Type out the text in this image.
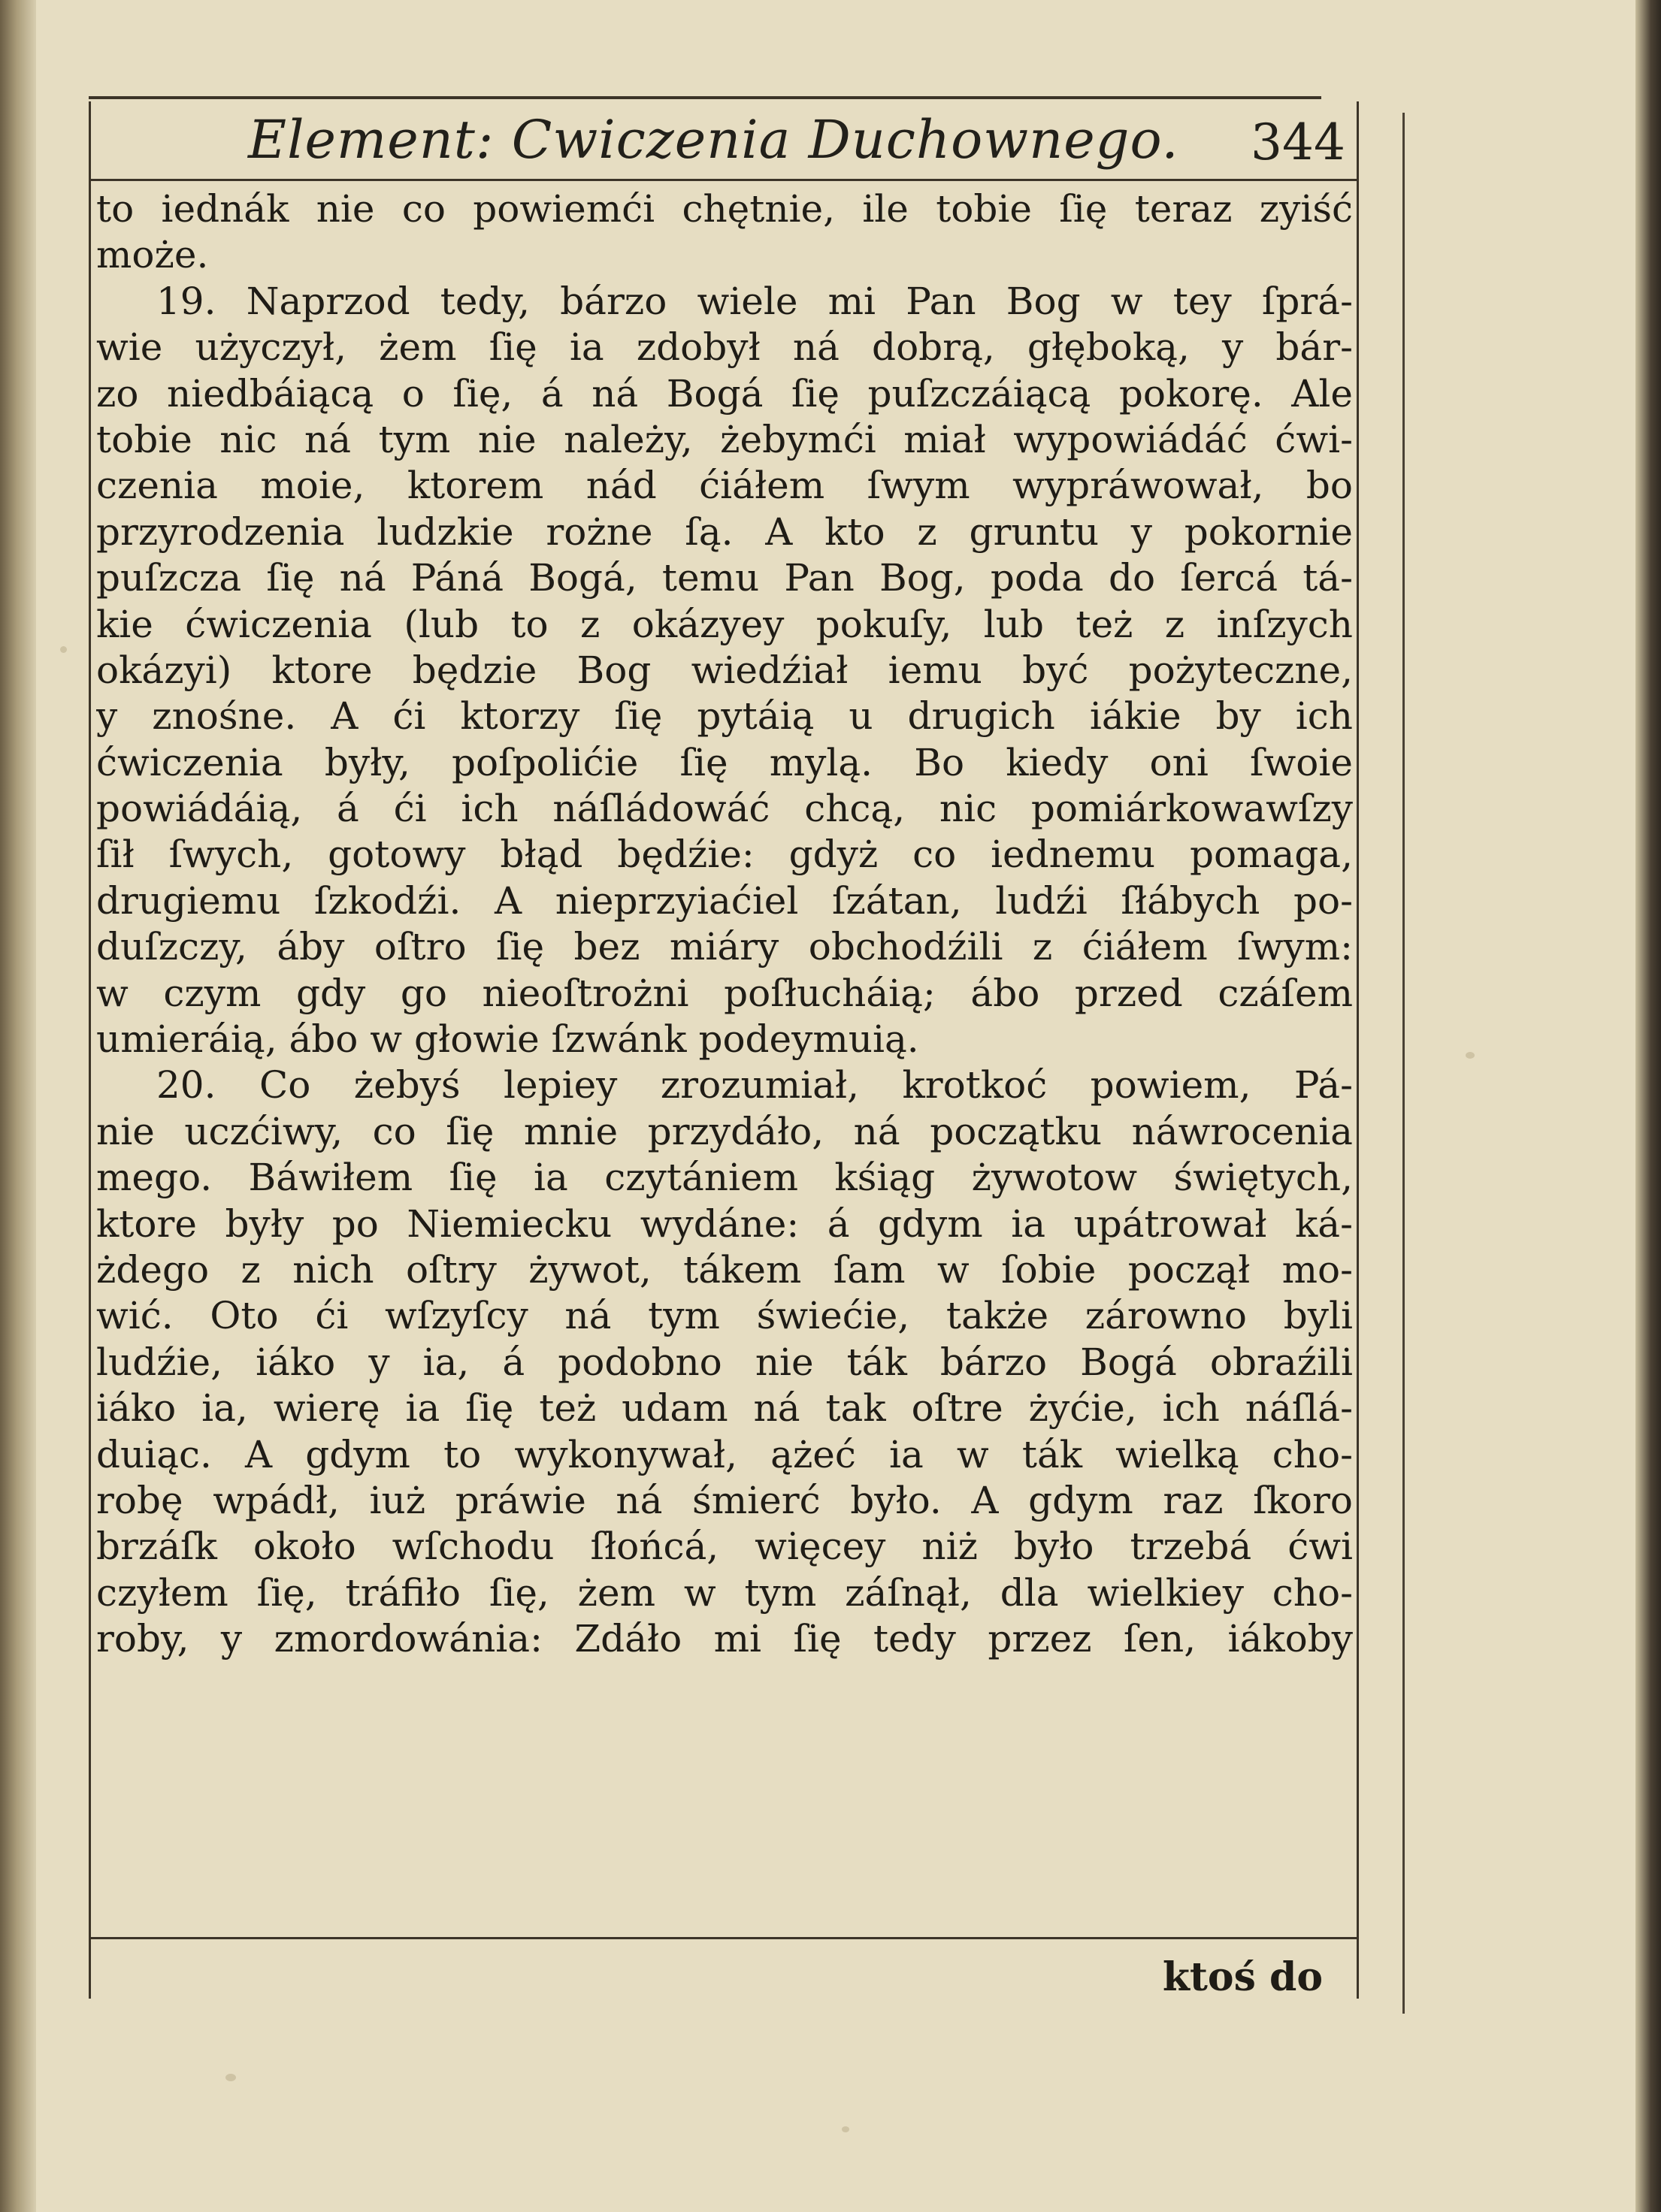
Element: Cwiczenia Duchownego.	344
to iednák nie co powiemći chętnie, ile tobie ſię teraz zyiść
może.
19. Naprzod tedy, bárzo wiele mi Pan Bog w tey ſprá-
wie użyczył, żem ſię ia zdobył ná dobrą, głęboką, y bár-
zo niedbáiącą o ſię, á ná Bogá ſię puſzczáiącą pokorę. Ale
tobie nic ná tym nie należy, żebymći miał wypowiádáć ćwi-
czenia moie, ktorem nád ćiáłem ſwym wypráwował, bo
przyrodzenia ludzkie rożne ſą. A kto z gruntu y pokornie
puſzcza ſię ná Páná Bogá, temu Pan Bog, poda do ſercá tá-
kie ćwiczenia (lub to z okázyey pokuſy, lub też z inſzych
okázyi) ktore będzie Bog wiedźiał iemu być pożyteczne,
y znośne. A ći ktorzy ſię pytáią u drugich iákie by ich
ćwiczenia były, poſpolićie ſię mylą. Bo kiedy oni ſwoie
powiádáią, á ći ich náſládowáć chcą, nic pomiárkowawſzy
ſił ſwych, gotowy błąd będźie: gdyż co iednemu pomaga,
drugiemu ſzkodźi. A nieprzyiaćiel ſzátan, ludźi ſłábych po-
duſzczy, áby oſtro ſię bez miáry obchodźili z ćiáłem ſwym:
w czym gdy go nieoſtrożni poſłucháią; ábo przed czáſem
umieráią, ábo w głowie ſzwánk podeymuią.
20. Co żebyś lepiey zrozumiał, krotkoć powiem, Pá-
nie uczćiwy, co ſię mnie przydáło, ná początku náwrocenia
mego. Báwiłem ſię ia czytániem kśiąg żywotow świętych,
ktore były po Niemiecku wydáne: á gdym ia upátrował ká-
żdego z nich oſtry żywot, tákem ſam w ſobie począł mo-
wić. Oto ći wſzyſcy ná tym świećie, także zárowno byli
ludźie, iáko y ia, á podobno nie ták bárzo Bogá obraźili
iáko ia, wierę ia ſię też udam ná tak oſtre żyćie, ich náſlá-
duiąc. A gdym to wykonywał, ążeć ia w ták wielką cho-
robę wpádł, iuż práwie ná śmierć było. A gdym raz ſkoro
brzáſk około wſchodu ſłońcá, więcey niż było trzebá ćwi
czyłem ſię, tráfiło ſię, żem w tym záſnął, dla wielkiey cho-
roby, y zmordowánia: Zdáło mi ſię tedy przez ſen, iákoby
ktoś do
